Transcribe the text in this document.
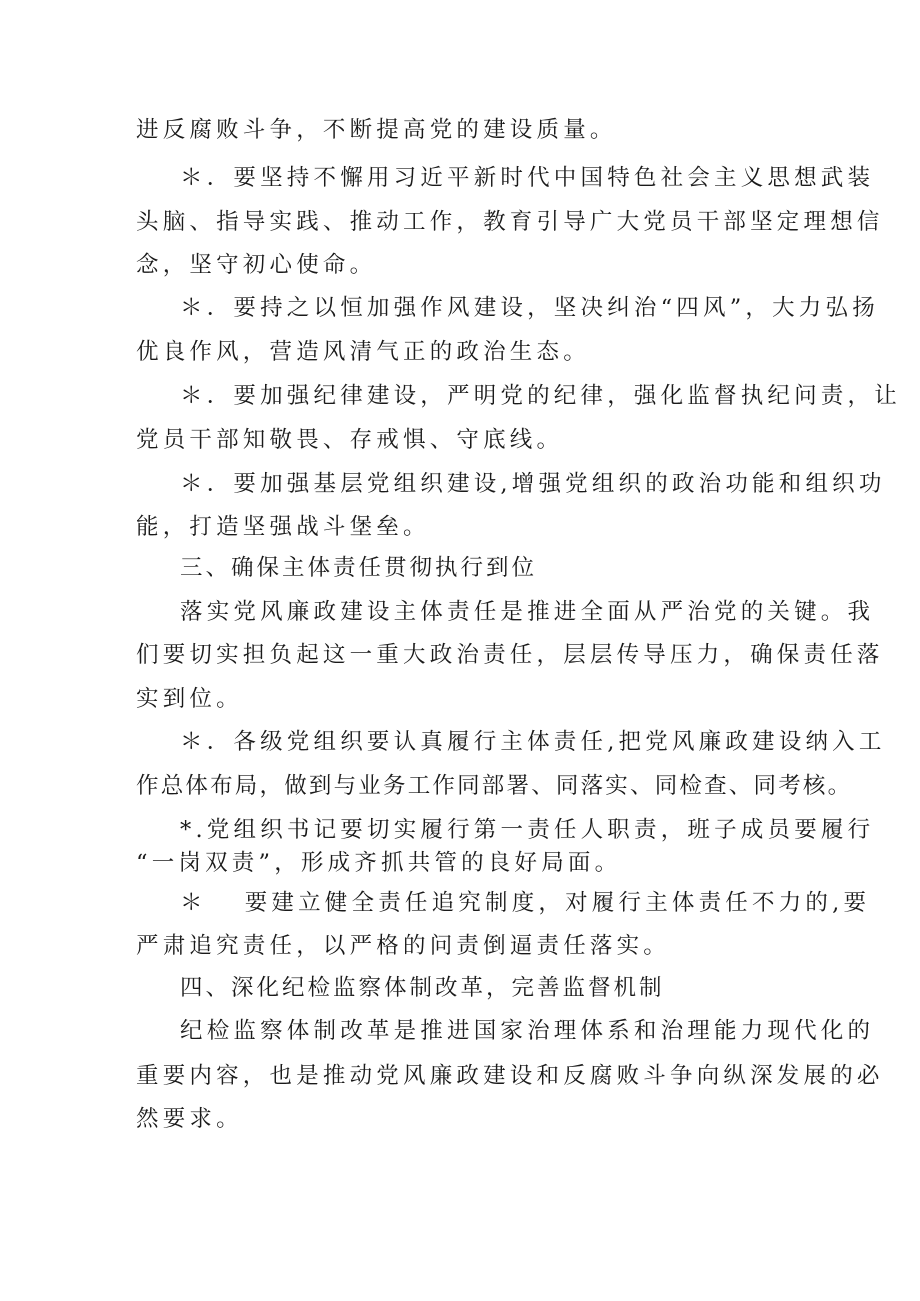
进反腐败斗争，不断提高党的建设质量。
＊．要坚持不懈用习近平新时代中国特色社会主义思想武装
头脑、指导实践、推动工作，教育引导广大党员干部坚定理想信
念，坚守初心使命。
＊．要持之以恒加强作风建设，坚决纠治“四风”，大力弘扬
优良作风，营造风清气正的政治生态。
＊．要加强纪律建设，严明党的纪律，强化监督执纪问责，让
党员干部知敬畏、存戒惧、守底线。
＊．要加强基层党组织建设,增强党组织的政治功能和组织功
能，打造坚强战斗堡垒。
三、确保主体责任贯彻执行到位
落实党风廉政建设主体责任是推进全面从严治党的关键。我
们要切实担负起这一重大政治责任，层层传导压力，确保责任落
实到位。
＊．各级党组织要认真履行主体责任,把党风廉政建设纳入工
作总体布局，做到与业务工作同部署、同落实、同检查、同考核。
*.党组织书记要切实履行第一责任人职责，班子成员要履行
“一岗双责”，形成齐抓共管的良好局面。
＊ 要建立健全责任追究制度，对履行主体责任不力的,要
严肃追究责任，以严格的问责倒逼责任落实。
四、深化纪检监察体制改革，完善监督机制
纪检监察体制改革是推进国家治理体系和治理能力现代化的
重要内容，也是推动党风廉政建设和反腐败斗争向纵深发展的必
然要求。
